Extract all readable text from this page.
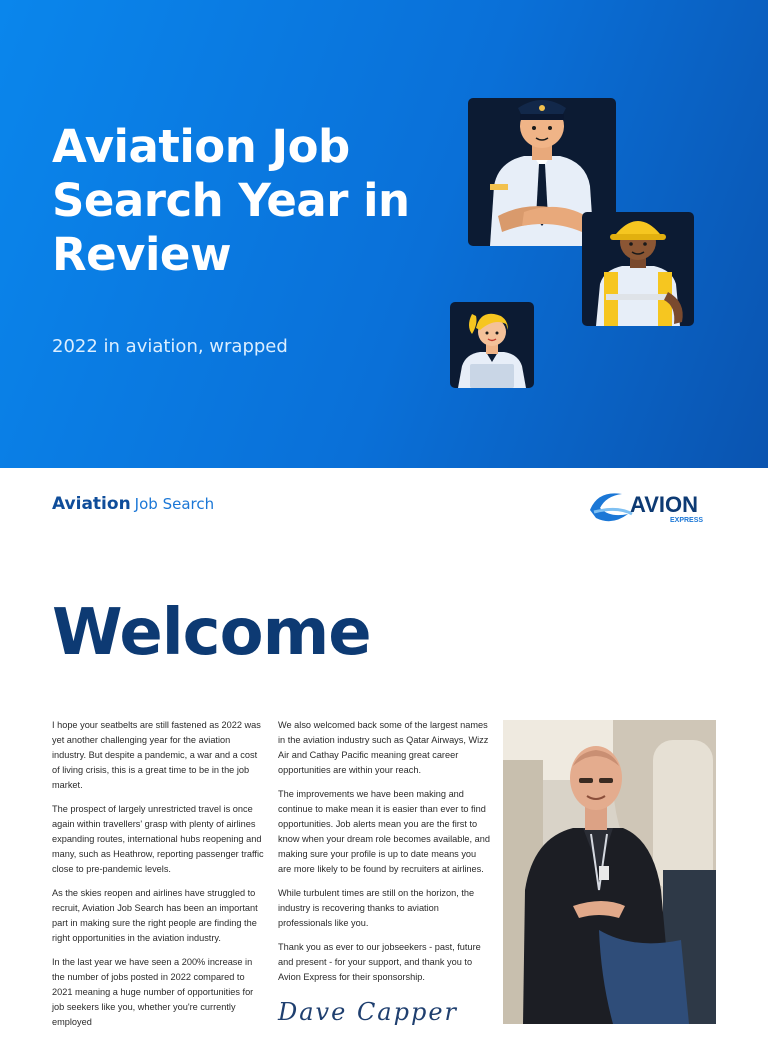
Aviation Job Search Year in Review

2022 in aviation, wrapped

Aviation Job Search	AVION
EXPRESS
Welcome

I hope your seatbelts are still fastened as 2022 was yet another challenging year for the aviation industry. But despite a pandemic, a war and a cost of living crisis, this is a great time to be in the job market.

The prospect of largely unrestricted travel is once again within travellers' grasp with plenty of airlines expanding routes, international hubs reopening and many, such as Heathrow, reporting passenger traffic close to pre-pandemic levels.

As the skies reopen and airlines have struggled to recruit, Aviation Job Search has been an important part in making sure the right people are finding the right opportunities in the aviation industry.

In the last year we have seen a 200% increase in the number of jobs posted in 2022 compared to 2021 meaning a huge number of opportunities for job seekers like you, whether you're currently employed

We also welcomed back some of the largest names in the aviation industry such as Qatar Airways, Wizz Air and Cathay Pacific meaning great career opportunities are within your reach.

The improvements we have been making and continue to make mean it is easier than ever to find opportunities. Job alerts mean you are the first to know when your dream role becomes available, and making sure your profile is up to date means you are more likely to be found by recruiters at airlines.

While turbulent times are still on the horizon, the industry is recovering thanks to aviation professionals like you.

Thank you as ever to our jobseekers - past, future and present - for your support, and thank you to Avion Express for their sponsorship.

Dave Capper
